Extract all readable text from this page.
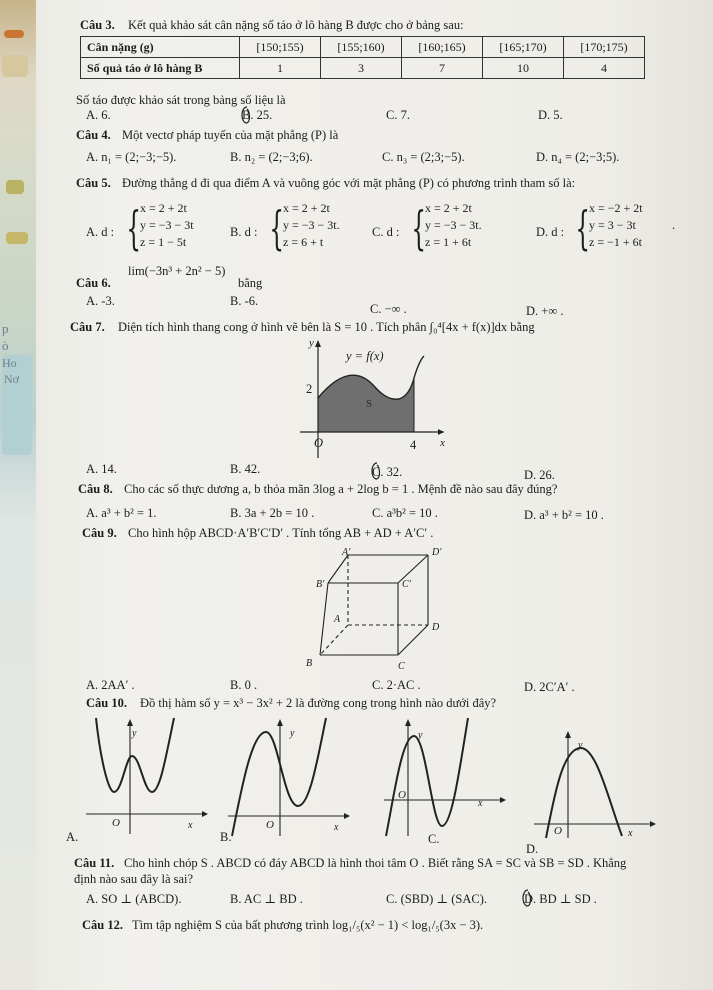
p
ò
Ho
Nơ
Câu 3. Kết quả khảo sát cân nặng số táo ở lô hàng B được cho ở bảng sau:
Cân nặng (g)	[150;155)	[155;160)	[160;165)	[165;170)	[170;175)
Số quả táo ở lô hàng B	1	3	7	10	4
Số táo được khảo sát trong bảng số liệu là
A. 6.	B. 25.	C. 7.	D. 5.
Câu 4. Một vectơ pháp tuyến của mặt phẳng (P) là
A. n₁ = (2;−3;−5).	B. n₂ = (2;−3;6).	C. n₃ = (2;3;−5).	D. n₄ = (2;−3;5).
Câu 5. Đường thẳng d đi qua điểm A và vuông góc với mặt phẳng (P) có phương trình tham số là:
A. d : { x = 2 + 2t
y = −3 − 3t
z = 1 − 5t
B. d : { x = 2 + 2t
y = −3 − 3t.
z = 6 + t
C. d : { x = 2 + 2t
y = −3 − 3t.
z = 1 + 6t
D. d : { x = −2 + 2t
y = 3 − 3t
z = −1 + 6t
.
Câu 6.
lim(−3n³ + 2n² − 5)
bằng
A. -3.	B. -6.
C. −∞ .	D. +∞ .
Câu 7. Diện tích hình thang cong ở hình vẽ bên là S = 10 . Tích phân ∫₀⁴[4x + f(x)]dx bằng
y
y = f(x)
2
S
O	4 x
A. 14.	B. 42.	C. 32.	D. 26.
Câu 8. Cho các số thực dương a, b thỏa mãn 3log a + 2log b = 1 . Mệnh đề nào sau đây đúng?
A. a³ + b² = 1.	B. 3a + 2b = 10 .	C. a³b² = 10 .	D. a³ + b² = 10 .
Câu 9. Cho hình hộp ABCD·A′B′C′D′ . Tính tổng AB + AD + A′C′ .
A'	D'
B'	C'
A
D
B	C
A. 2AA′ .	B. 0 .	C. 2·AC .	D. 2C′A′ .
Câu 10. Đồ thị hàm số y = x³ − 3x² + 2 là đường cong trong hình nào dưới đây?
y
O	x
A.
y
O	x
B.
y
O
x
C.
y
O	x
D.
Câu 11. Cho hình chóp S . ABCD có đáy ABCD là hình thoi tâm O . Biết rằng SA = SC và SB = SD . Khẳng
định nào sau đây là sai?
A. SO ⊥ (ABCD).	B. AC ⊥ BD .	C. (SBD) ⊥ (SAC).	D. BD ⊥ SD .
Câu 12. Tìm tập nghiệm S của bất phương trình log₁/₅(x² − 1) < log₁/₅(3x − 3).
